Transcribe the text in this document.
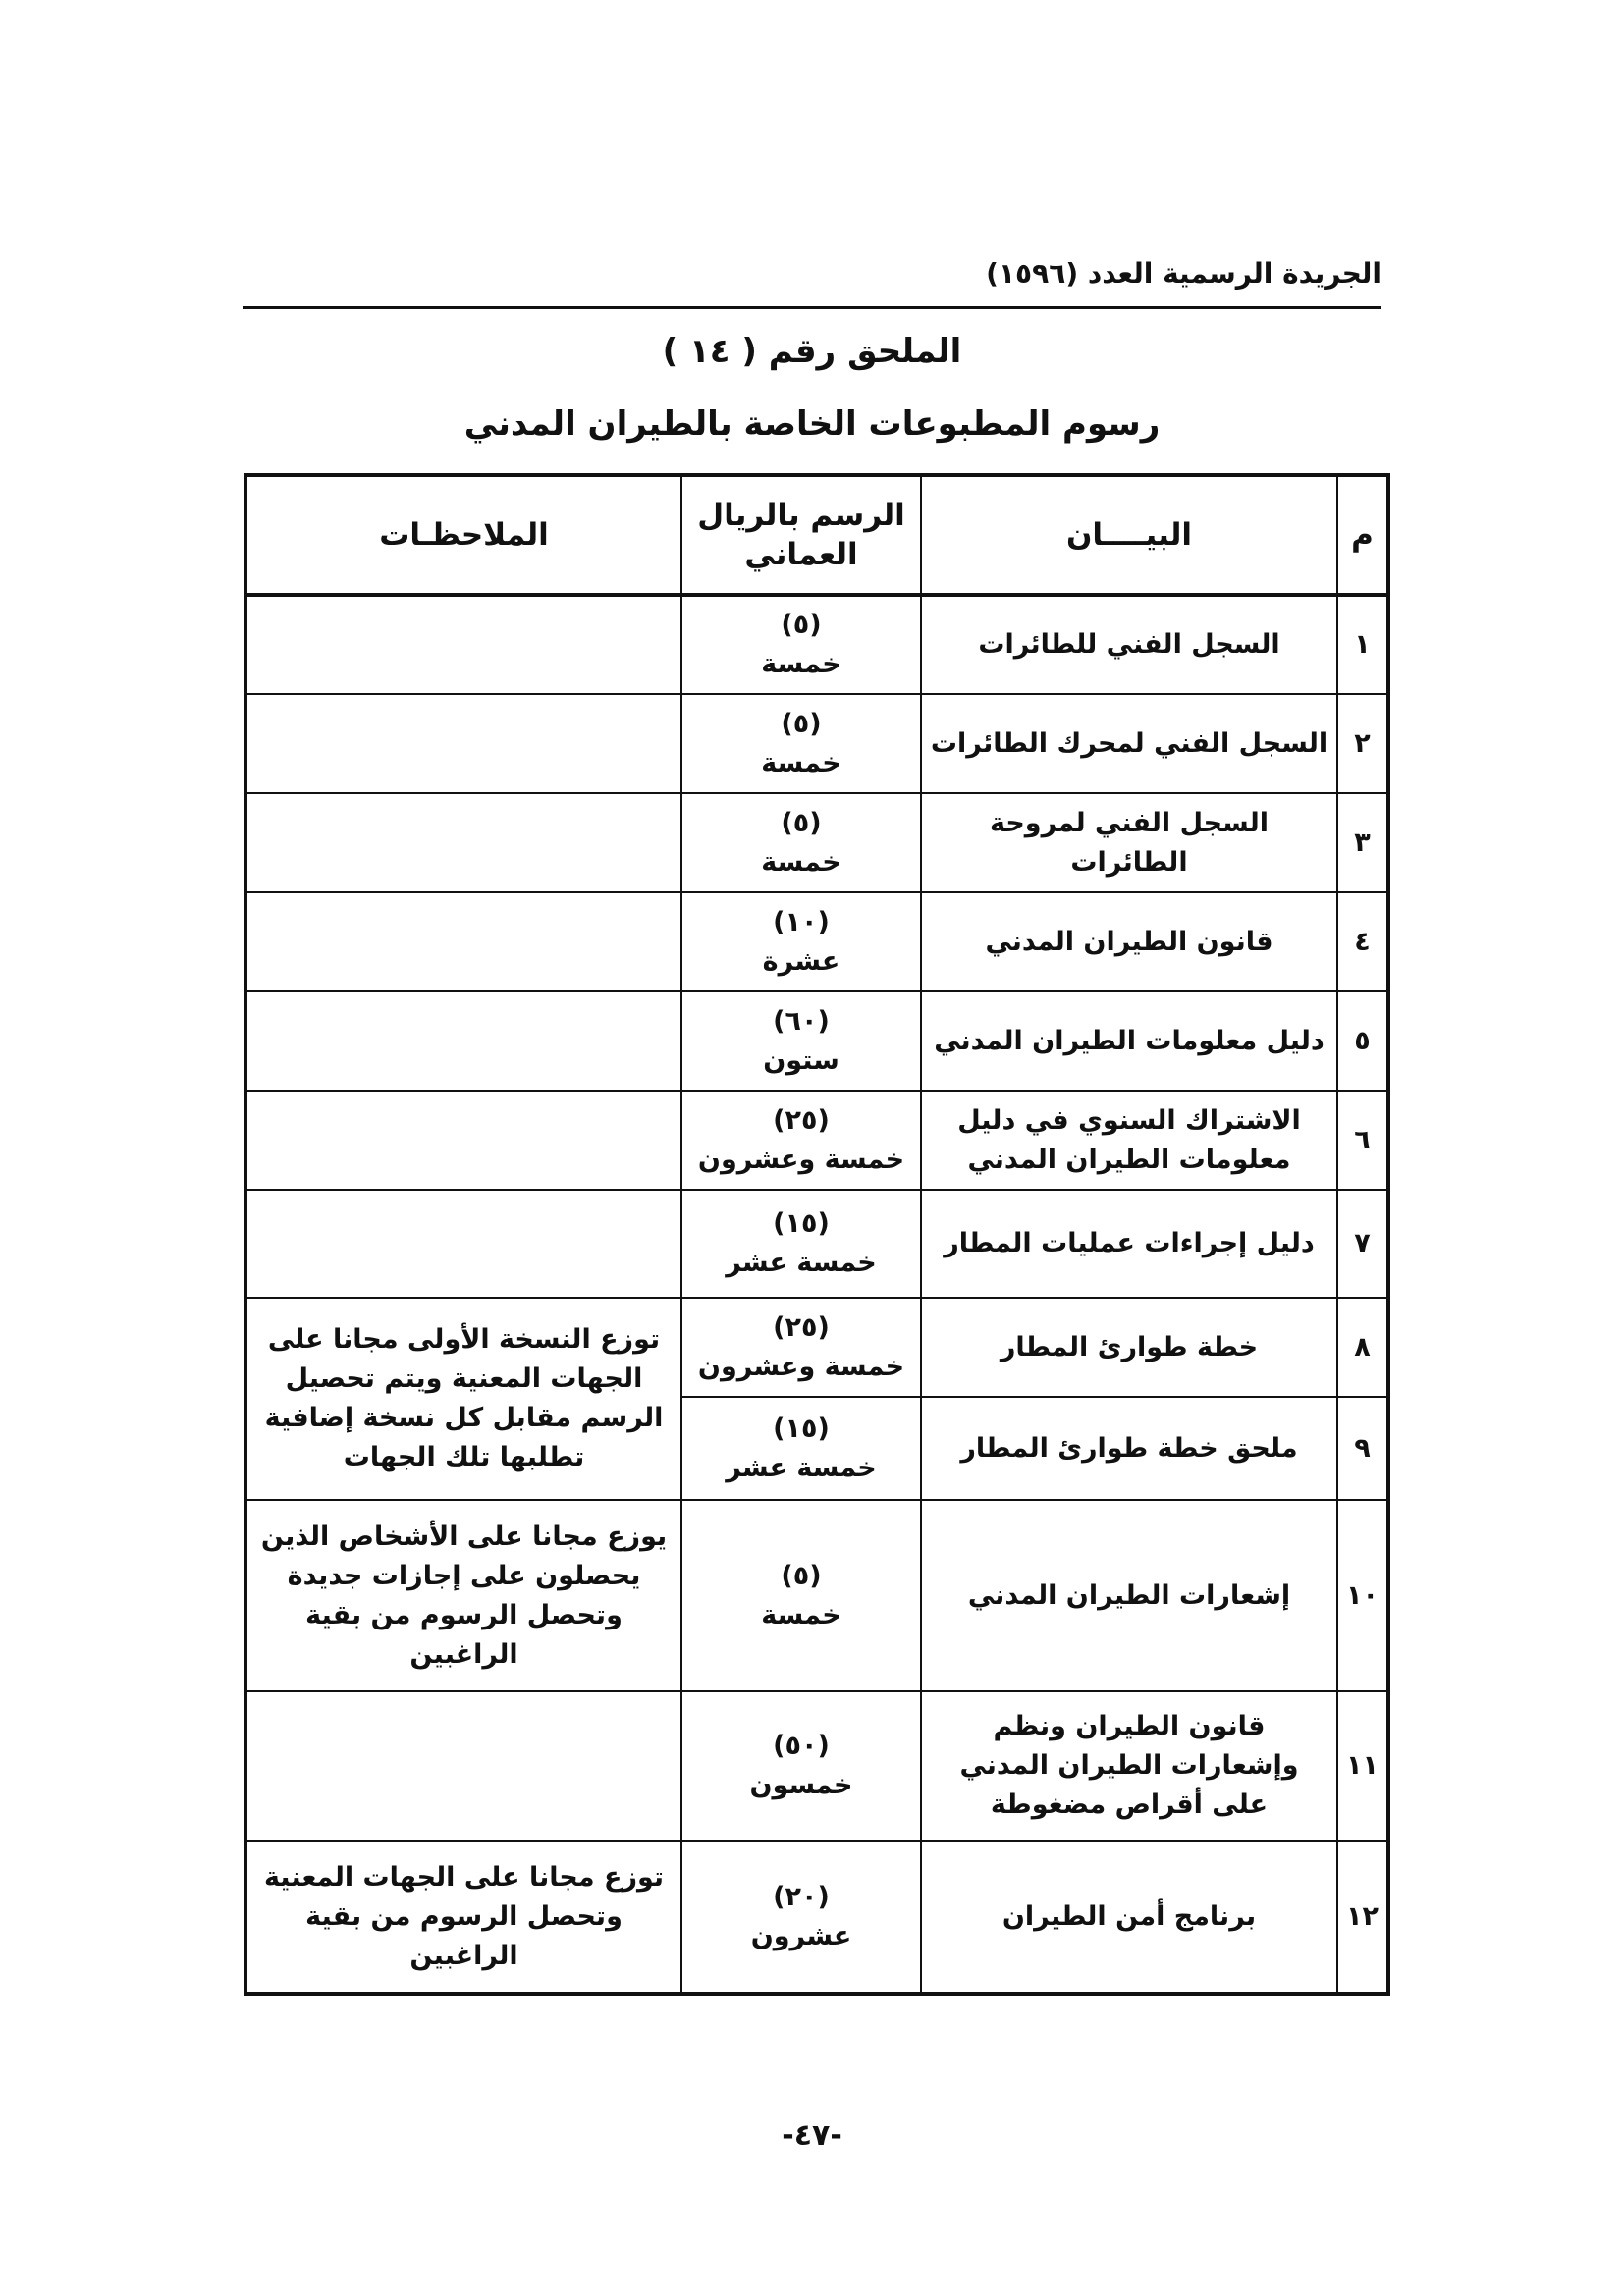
الجريدة الرسمية العدد (١٥٩٦)
الملحق رقم ( ١٤ )
رسوم المطبوعات الخاصة بالطيران المدني
م	البيــــان	الرسم بالريال العماني	الملاحظـات
١	السجل الفني للطائرات	(٥)
خمسة	

٢	السجل الفني لمحرك الطائرات	(٥)
خمسة	

٣	السجل الفني لمروحة الطائرات	(٥)
خمسة	

٤	قانون الطيران المدني	(١٠)
عشرة	

٥	دليل معلومات الطيران المدني	(٦٠)
ستون	

٦	الاشتراك السنوي في دليل معلومات الطيران المدني	(٢٥)
خمسة وعشرون	

٧	دليل إجراءات عمليات المطار	(١٥)
خمسة عشر	

٨	خطة طوارئ المطار	(٢٥)
خمسة وعشرون	توزع النسخة الأولى مجانا على الجهات المعنية ويتم تحصيل الرسم مقابل كل نسخة إضافية تطلبها تلك الجهات
٩	ملحق خطة طوارئ المطار	(١٥)
خمسة عشر	

١٠	إشعارات الطيران المدني	(٥)
خمسة	يوزع مجانا على الأشخاص الذين يحصلون على إجازات جديدة وتحصل الرسوم من بقية الراغبين
١١	قانون الطيران ونظم وإشعارات الطيران المدني على أقراص مضغوطة	(٥٠)
خمسون	

١٢	برنامج أمن الطيران	(٢٠)
عشرون	توزع مجانا على الجهات المعنية وتحصل الرسوم من بقية الراغبين
-٤٧-
